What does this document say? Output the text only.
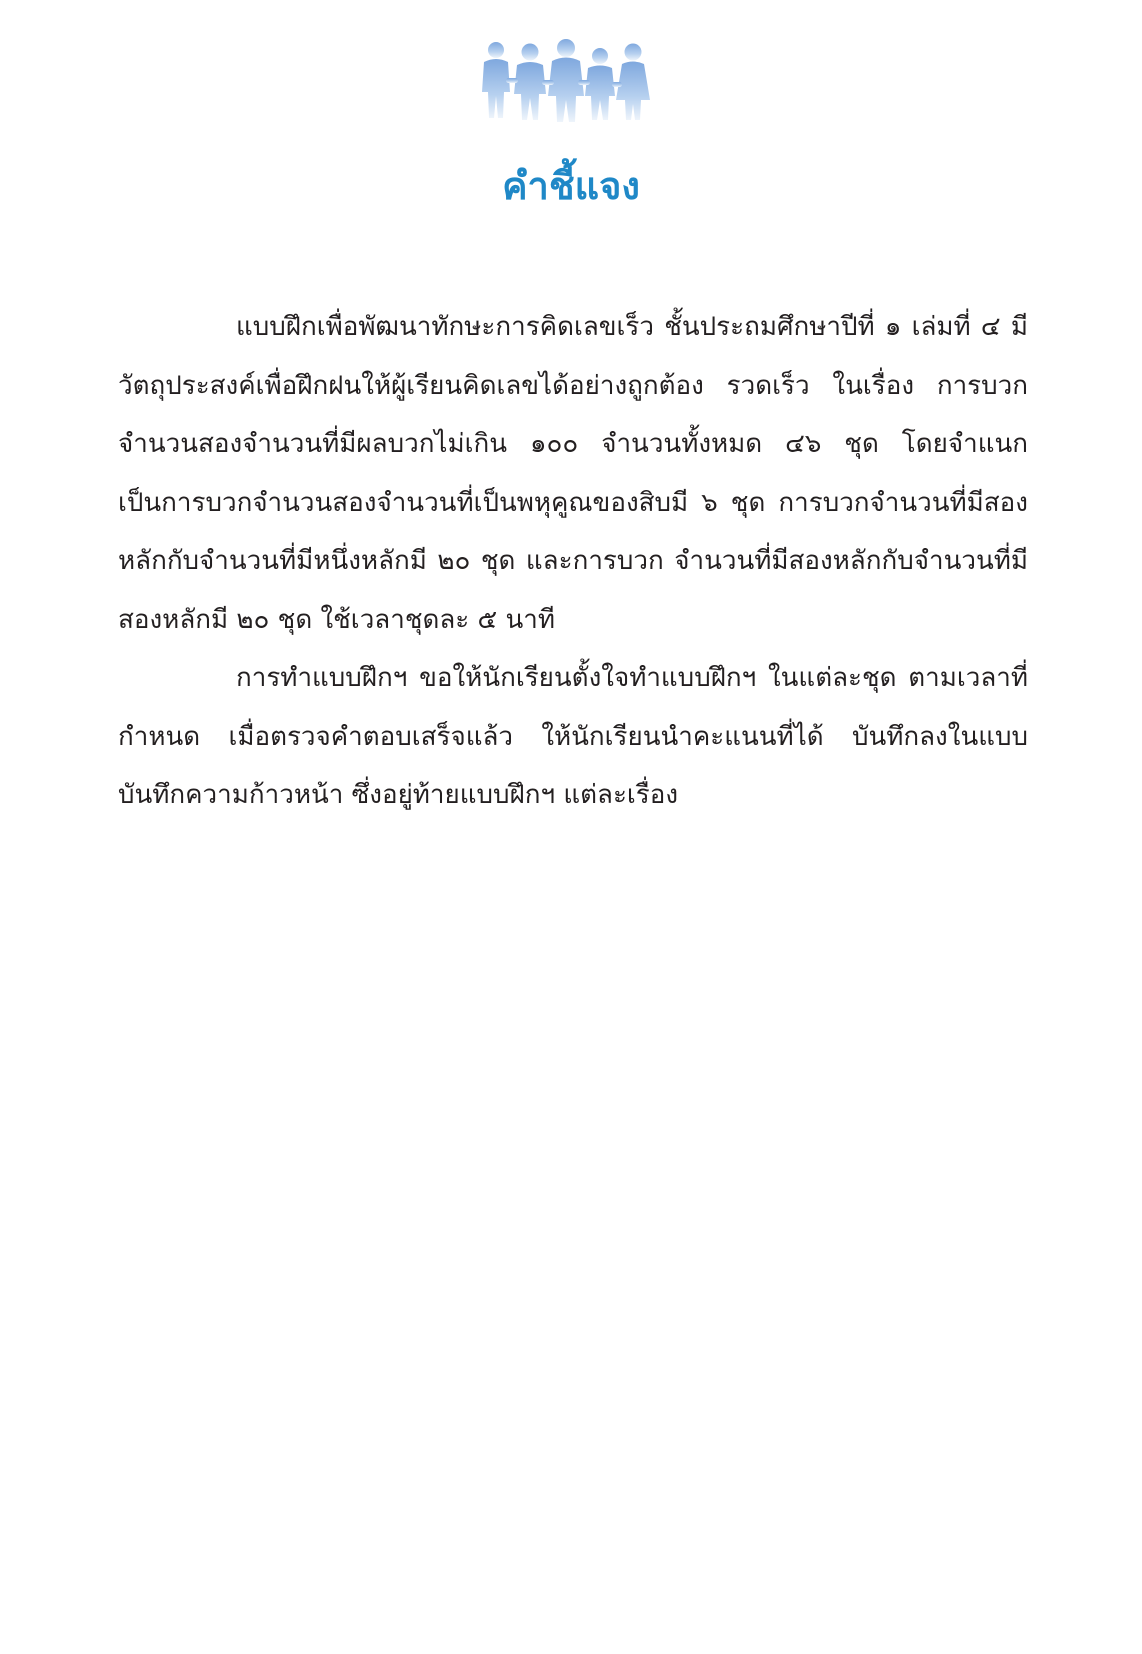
คำชี้แจง

แบบฝึกเพื่อพัฒนาทักษะการคิดเลขเร็ว ชั้นประถมศึกษาปีที่ ๑ เล่มที่ ๔ มีวัตถุประสงค์เพื่อฝึกฝนให้ผู้เรียนคิดเลขได้อย่างถูกต้อง รวดเร็ว ในเรื่อง การบวกจำนวนสองจำนวนที่มีผลบวกไม่เกิน ๑๐๐ จำนวนทั้งหมด ๔๖ ชุด โดยจำแนกเป็นการบวกจำนวนสองจำนวนที่เป็นพหุคูณของสิบมี ๖ ชุด การบวกจำนวนที่มีสองหลักกับจำนวนที่มีหนึ่งหลักมี ๒๐ ชุด และการบวก จำนวนที่มีสองหลักกับจำนวนที่มีสองหลักมี ๒๐ ชุด ใช้เวลาชุดละ ๕ นาที

การทำแบบฝึกฯ ขอให้นักเรียนตั้งใจทำแบบฝึกฯ ในแต่ละชุด ตามเวลาที่กำหนด เมื่อตรวจคำตอบเสร็จแล้ว ให้นักเรียนนำคะแนนที่ได้ บันทึกลงในแบบบันทึกความก้าวหน้า ซึ่งอยู่ท้ายแบบฝึกฯ แต่ละเรื่อง
